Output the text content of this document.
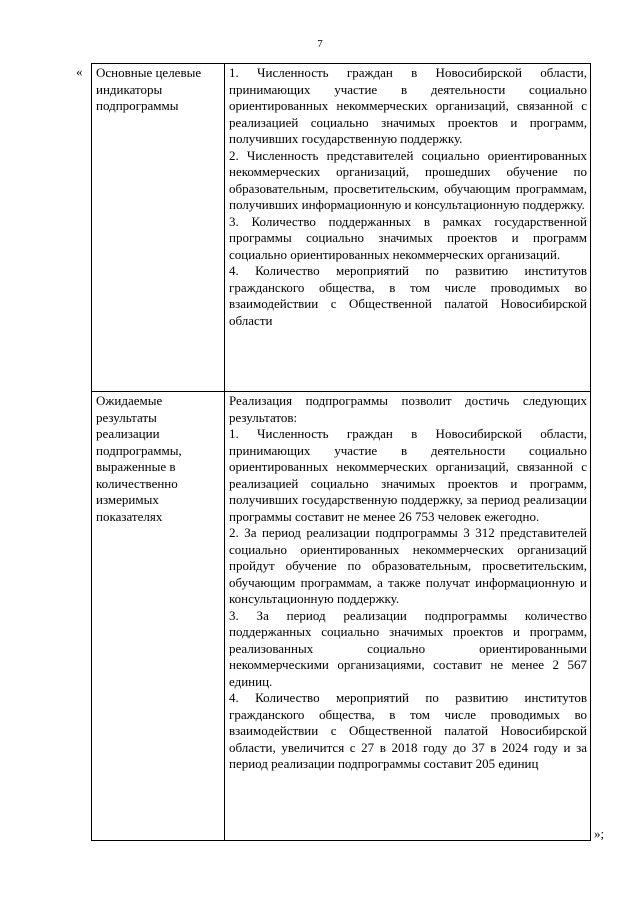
7
« Основные целевые индикаторы подпрограммы	1. Численность граждан в Новосибирской области, принимающих участие в деятельности социально ориентированных некоммерческих организаций, связанной с реализацией социально значимых проектов и программ, получивших государственную поддержку.

2. Численность представителей социально ориентированных некоммерческих организаций, прошедших обучение по образовательным, просветительским, обучающим программам, получивших информационную и консультационную поддержку.

3. Количество поддержанных в рамках государственной программы социально значимых проектов и программ социально ориентированных некоммерческих организаций.

4. Количество мероприятий по развитию институтов гражданского общества, в том числе проводимых во взаимодействии с Общественной палатой Новосибирской области

Ожидаемые результаты реализации подпрограммы, выраженные в количественно измеримых показателях	Реализация подпрограммы позволит достичь следующих результатов:

1. Численность граждан в Новосибирской области, принимающих участие в деятельности социально ориентированных некоммерческих организаций, связанной с реализацией социально значимых проектов и программ, получивших государственную поддержку, за период реализации программы составит не менее 26 753 человек ежегодно.

2. За период реализации подпрограммы 3 312 представителей социально ориентированных некоммерческих организаций пройдут обучение по образовательным, просветительским, обучающим программам, а также получат информационную и консультационную поддержку.

3. За период реализации подпрограммы количество поддержанных социально значимых проектов и программ, реализованных социально ориентированными некоммерческими организациями, составит не менее 2 567 единиц.

4. Количество мероприятий по развитию институтов гражданского общества, в том числе проводимых во взаимодействии с Общественной палатой Новосибирской области, увеличится с 27 в 2018 году до 37 в 2024 году и за период реализации подпрограммы составит 205 единиц

»;
